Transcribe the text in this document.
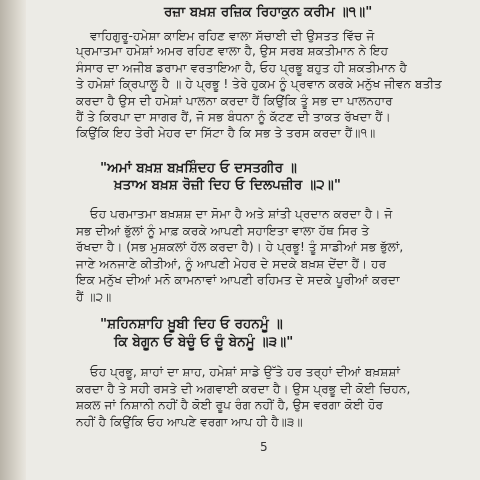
ਰਜ਼ਾ ਬਖ਼ਸ਼ ਰਜ਼ਿਕ ਰਿਹਾਕੁਨ ਕਰੀਮ ॥੧॥"
ਵਾਹਿਗੁਰੂ-ਹਮੇਸ਼ਾ ਕਾਇਮ ਰਹਿਣ ਵਾਲਾ ਸੱਚਾਈ ਦੀ ਉਸਤਤ ਵਿੱਚ ਜੋ
ਪ੍ਰਮਾਤਮਾ ਹਮੇਸ਼ਾਂ ਅਮਰ ਰਹਿਣ ਵਾਲਾ ਹੈ, ਉਸ ਸਰਬ ਸ਼ਕਤੀਮਾਨ ਨੇ ਇਹ
ਸੰਸਾਰ ਦਾ ਅਜੀਬ ਡਰਾਮਾ ਵਰਤਾਇਆ ਹੈ, ਓਹ ਪ੍ਰਭੂ ਬਹੁਤ ਹੀ ਸ਼ਕਤੀਮਾਨ ਹੈ
ਤੇ ਹਮੇਸ਼ਾਂ ਕ੍ਰਿਪਾਲੂ ਹੈ ॥ ਹੇ ਪ੍ਰਭੂ ! ਤੇਰੇ ਹੁਕਮ ਨੂੰ ਪ੍ਰਵਾਨ ਕਰਕੇ ਮਨੁੱਖ ਜੀਵਨ ਬਤੀਤ
ਕਰਦਾ ਹੈ ਉਸ ਦੀ ਹਮੇਸ਼ਾਂ ਪਾਲਨਾ ਕਰਦਾ ਹੈਂ ਕਿਉਂਕਿ ਤੂੰ ਸਭ ਦਾ ਪਾਲਨਹਾਰ
ਹੈਂ ਤੇ ਕਿਰਪਾ ਦਾ ਸਾਗਰ ਹੈਂ, ਜੋ ਸਭ ਬੰਧਨਾ ਨੂੰ ਕੱਟਣ ਦੀ ਤਾਕਤ ਰੱਖਦਾ ਹੈਂ।
ਕਿਉਂਕਿ ਇਹ ਤੇਰੀ ਮੇਹਰ ਦਾ ਸਿੱਟਾ ਹੈ ਕਿ ਸਭ ਤੇ ਤਰਸ ਕਰਦਾ ਹੈਂ॥੧॥
"ਅਮਾਂ ਬਖ਼ਸ਼ ਬਖ਼ਸ਼ਿੰਦਹ ਓ ਦਸਤਗੀਰ ॥
ਖ਼ਤਾਅ ਬਖ਼ਸ਼ ਰੋਜ਼ੀ ਦਿਹ ਓ ਦਿਲਪਜ਼ੀਰ ॥੨॥"
ਓਹ ਪਰਮਾਤਮਾ ਬਖ਼ਸ਼ਸ਼ ਦਾ ਸੋਮਾ ਹੈ ਅਤੇ ਸ਼ਾਂਤੀ ਪ੍ਰਦਾਨ ਕਰਦਾ ਹੈ। ਜੋ
ਸਭ ਦੀਆਂ ਭੁੱਲਾਂ ਨੂੰ ਮਾਫ਼ ਕਰਕੇ ਆਪਣੀ ਸਹਾਇਤਾ ਵਾਲਾ ਹੱਥ ਸਿਰ ਤੇ
ਰੱਖਦਾ ਹੈ। (ਸਭ ਮੁਸ਼ਕਲਾਂ ਹੱਲ ਕਰਦਾ ਹੈ)। ਹੇ ਪ੍ਰਭੂ! ਤੂੰ ਸਾਡੀਆਂ ਸਭ ਭੁੱਲਾਂ,
ਜਾਣੇ ਅਨਜਾਣੇ ਕੀਤੀਆਂ, ਨੂੰ ਆਪਣੀ ਮੇਹਰ ਦੇ ਸਦਕੇ ਬਖ਼ਸ਼ ਦੇਂਦਾ ਹੈਂ। ਹਰ
ਇਕ ਮਨੁੱਖ ਦੀਆਂ ਮਨੋ ਕਾਮਨਾਵਾਂ ਆਪਣੀ ਰਹਿਮਤ ਦੇ ਸਦਕੇ ਪੂਰੀਆਂ ਕਰਦਾ
ਹੈਂ ॥੨॥
"ਸ਼ਹਿਨਸ਼ਾਹਿ ਖ਼ੂਬੀ ਦਿਹ ਓ ਰਹਨਮੂੰ ॥
ਕਿ ਬੇਗੂਨ ਓ ਬੇਚੂੰ ਓ ਚੂੰ ਬੇਨਮੂੰ ॥੩॥"
ਓਹ ਪ੍ਰਭੂ, ਸ਼ਾਹਾਂ ਦਾ ਸ਼ਾਹ, ਹਮੇਸ਼ਾਂ ਸਾਡੇ ਉੱਤੇ ਹਰ ਤਰ੍ਹਾਂ ਦੀਆਂ ਬਖ਼ਸ਼ਸ਼ਾਂ
ਕਰਦਾ ਹੈ ਤੇ ਸਹੀ ਰਸਤੇ ਦੀ ਅਗਵਾਈ ਕਰਦਾ ਹੈ। ਉਸ ਪ੍ਰਭੂ ਦੀ ਕੋਈ ਚਿਹਨ,
ਸ਼ਕਲ ਜਾਂ ਨਿਸ਼ਾਨੀ ਨਹੀਂ ਹੈ ਕੋਈ ਰੂਪ ਰੰਗ ਨਹੀਂ ਹੈ, ਉਸ ਵਰਗਾ ਕੋਈ ਹੋਰ
ਨਹੀਂ ਹੈ ਕਿਉਂਕਿ ਓਹ ਆਪਣੇ ਵਰਗਾ ਆਪ ਹੀ ਹੈ॥੩॥
5
